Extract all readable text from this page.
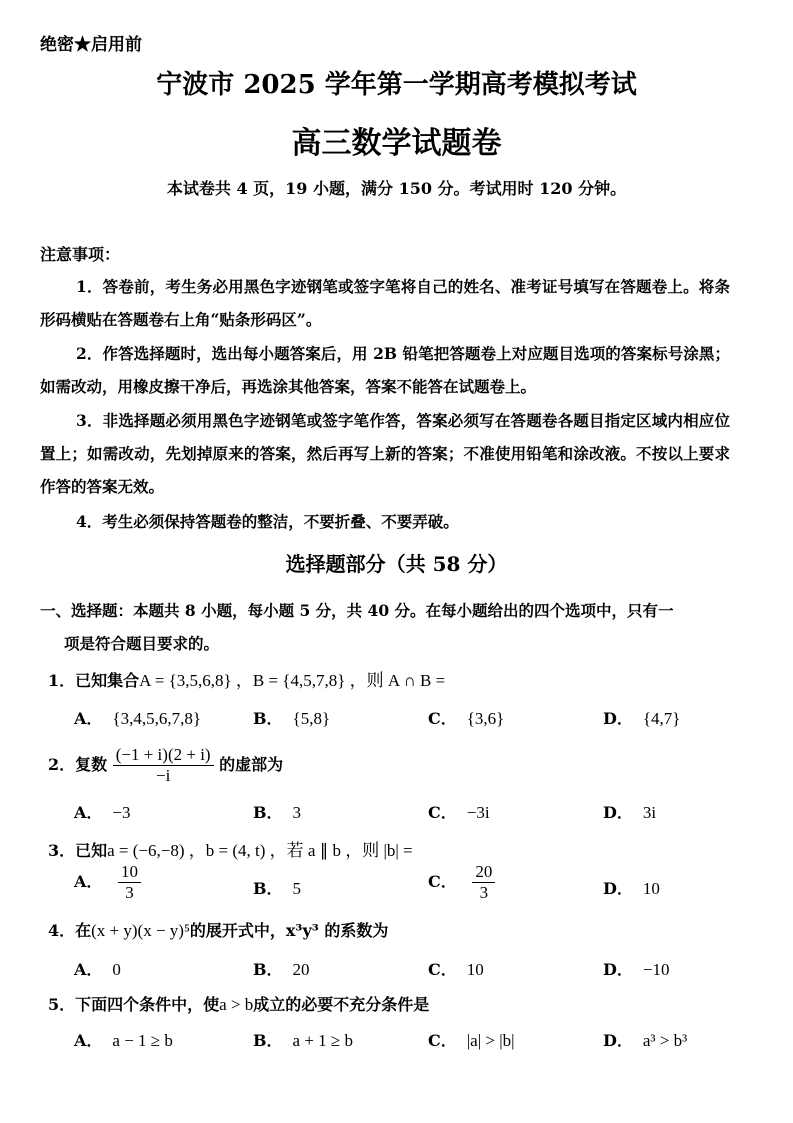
绝密★启用前
宁波市 2025 学年第一学期高考模拟考试
高三数学试题卷
本试卷共 4 页，19 小题，满分 150 分。考试用时 120 分钟。
注意事项：
1．答卷前，考生务必用黑色字迹钢笔或签字笔将自己的姓名、准考证号填写在答题卷上。将条形码横贴在答题卷右上角“贴条形码区”。
2．作答选择题时，选出每小题答案后，用 2B 铅笔把答题卷上对应题目选项的答案标号涂黑；如需改动，用橡皮擦干净后，再选涂其他答案，答案不能答在试题卷上。
3．非选择题必须用黑色字迹钢笔或签字笔作答，答案必须写在答题卷各题目指定区域内相应位置上；如需改动，先划掉原来的答案，然后再写上新的答案；不准使用铅笔和涂改液。不按以上要求作答的答案无效。
4．考生必须保持答题卷的整洁，不要折叠、不要弄破。
选择题部分（共 58 分）
一、选择题：本题共 8 小题，每小题 5 分，共 40 分。在每小题给出的四个选项中，只有一
项是符合题目要求的。
1．已知集合A = {3,5,6,8} ，B = {4,5,7,8} ，则 A ∩ B =
A． {3,4,5,6,7,8}	B． {5,8}	C． {3,6}	D． {4,7}
2．复数 $\frac{(-1 + i)(2 + i)}{-i}$ 的虚部为
A． −3	B． 3	C． −3i	D． 3i
3．已知a = (−6,−8) ，b = (4, t) ，若 a ∥ b ，则 |b| =
A． $\frac{10}{3}$	B． 5	C． $\frac{20}{3}$	D． 10
4．在(x + y)(x − y)⁵的展开式中，x³y³ 的系数为
A． 0	B． 20	C． 10	D． −10
5．下面四个条件中，使a > b成立的必要不充分条件是
A． a − 1 ≥ b	B． a + 1 ≥ b	C． |a| > |b|	D． a³ > b³
